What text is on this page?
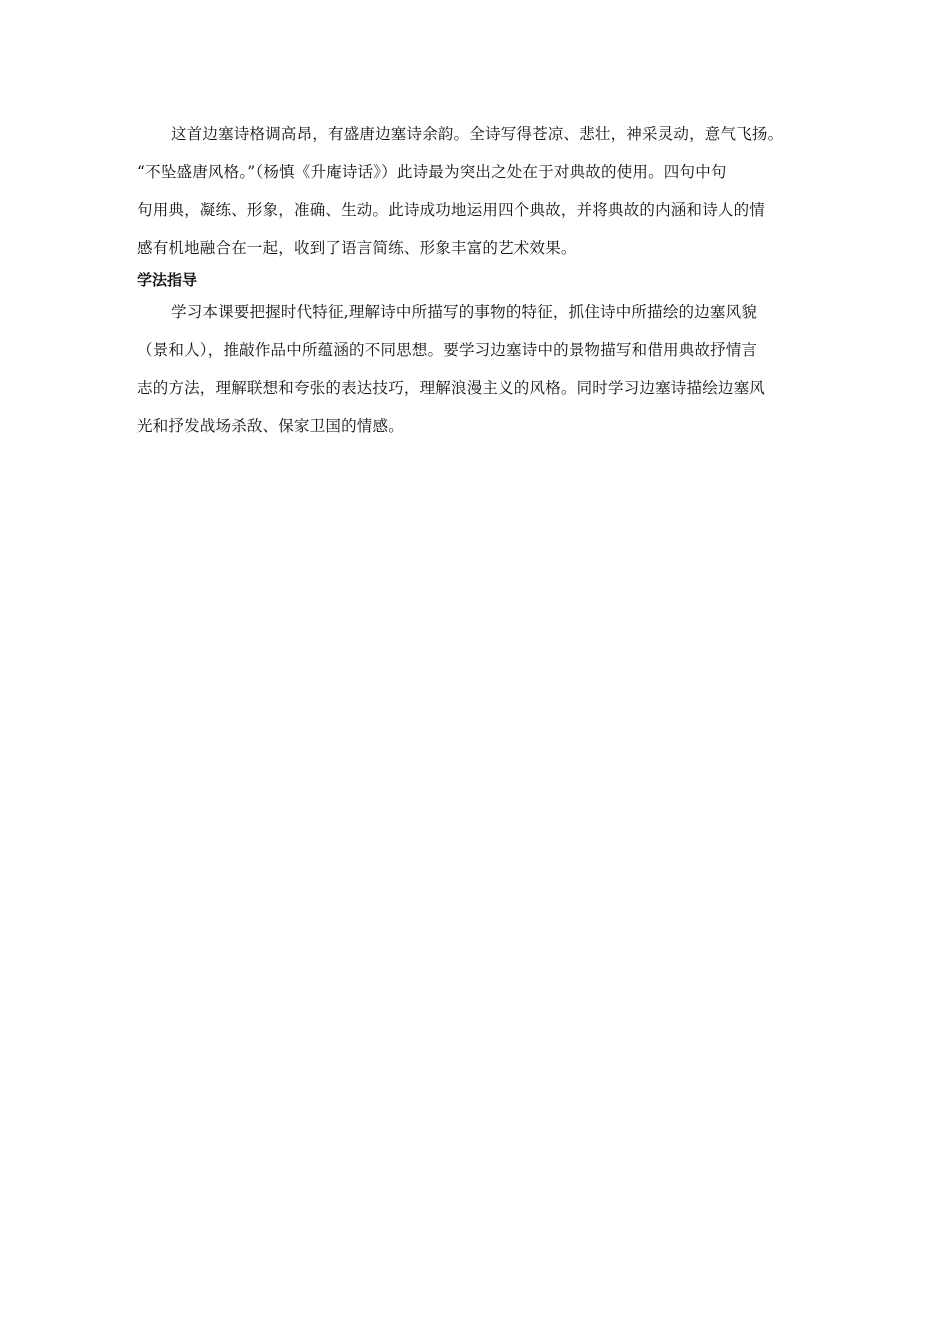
这首边塞诗格调高昂，有盛唐边塞诗余韵。全诗写得苍凉、悲壮，神采灵动，意气飞扬。
“不坠盛唐风格。”（杨慎《升庵诗话》）此诗最为突出之处在于对典故的使用。四句中句
句用典，凝练、形象，准确、生动。此诗成功地运用四个典故，并将典故的内涵和诗人的情
感有机地融合在一起，收到了语言简练、形象丰富的艺术效果。
学法指导
学习本课要把握时代特征,理解诗中所描写的事物的特征，抓住诗中所描绘的边塞风貌
（景和人），推敲作品中所蕴涵的不同思想。要学习边塞诗中的景物描写和借用典故抒情言
志的方法，理解联想和夸张的表达技巧，理解浪漫主义的风格。同时学习边塞诗描绘边塞风
光和抒发战场杀敌、保家卫国的情感。
